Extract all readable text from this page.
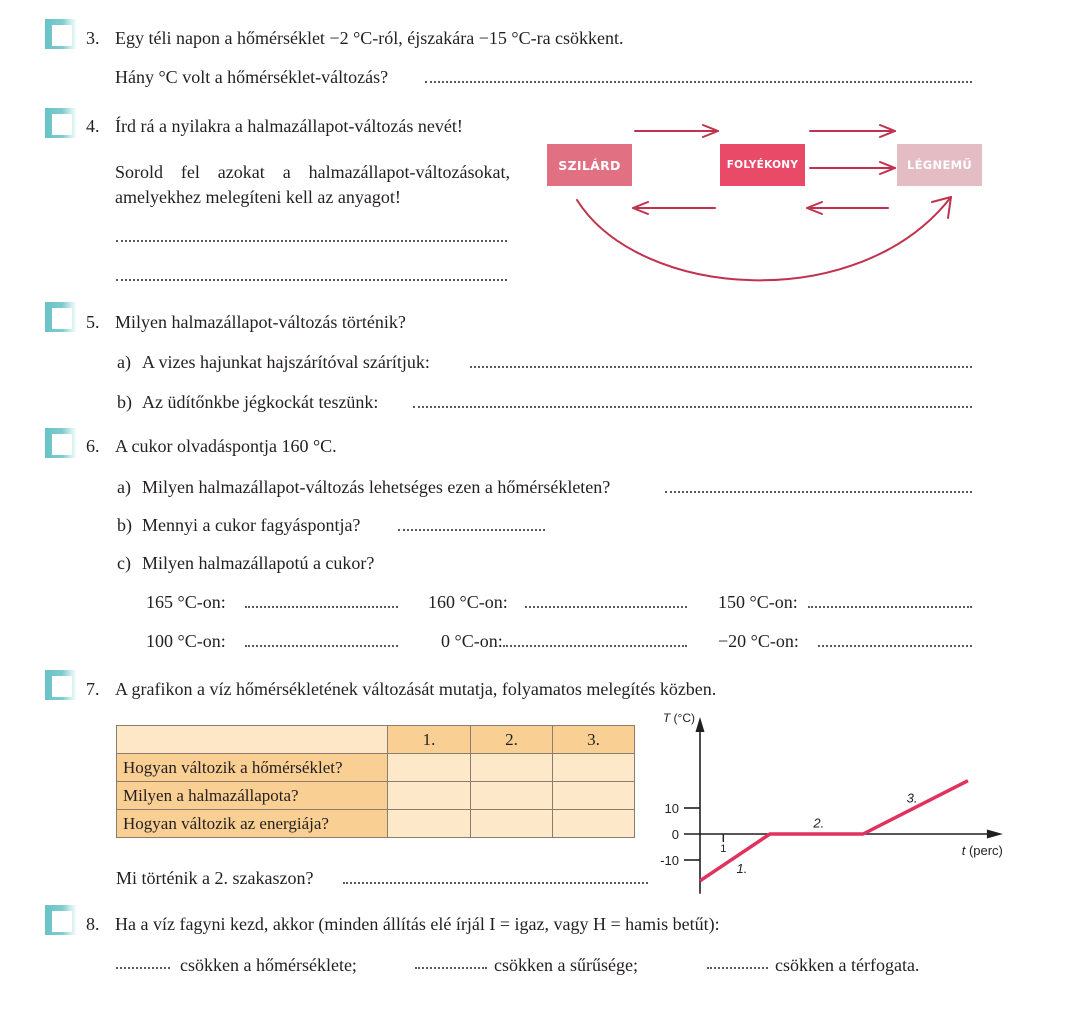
3. Egy téli napon a hőmérséklet −2 °C-ról, éjszakára −15 °C-ra csökkent.
Hány °C volt a hőmérséklet-változás?
4. Írd rá a nyilakra a halmazállapot-változás nevét!
Sorold fel azokat a halmazállapot-változásokat,
amelyekhez melegíteni kell az anyagot!
SZILÁRD	FOLYÉKONY	LÉGNEMŰ
5. Milyen halmazállapot-változás történik?
a) A vizes hajunkat hajszárítóval szárítjuk:
b) Az üdítőnkbe jégkockát teszünk:
6. A cukor olvadáspontja 160 °C.
a) Milyen halmazállapot-változás lehetséges ezen a hőmérsékleten?
b) Mennyi a cukor fagyáspontja?
c) Milyen halmazállapotú a cukor?
165 °C-on:	160 °C-on:	150 °C-on:
100 °C-on:	0 °C-on:	−20 °C-on:
7. A grafikon a víz hőmérsékletének változását mutatja, folyamatos melegítés közben.
	1.	2.	3.
Hogyan változik a hőmérséklet?			
Milyen a halmazállapota?			
Hogyan változik az energiája?			
Mi történik a 2. szakaszon?
10
0
-10
1
T (°C)
t (perc)
1.
2.
3.
8. Ha a víz fagyni kezd, akkor (minden állítás elé írjál I = igaz, vagy H = hamis betűt):
csökken a hőmérséklete;	csökken a sűrűsége;	csökken a térfogata.
